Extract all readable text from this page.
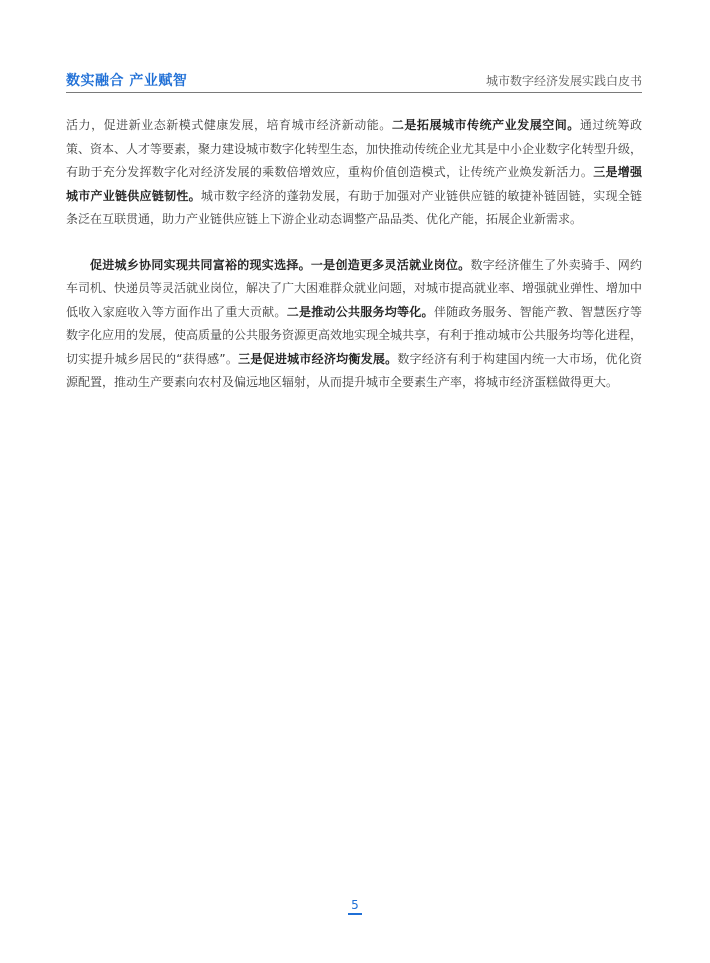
数实融合 产业赋智	城市数字经济发展实践白皮书

活力，促进新业态新模式健康发展，培育城市经济新动能。二是拓展城市传统产业发展空间。通过统筹政策、资本、人才等要素，聚力建设城市数字化转型生态，加快推动传统企业尤其是中小企业数字化转型升级，有助于充分发挥数字化对经济发展的乘数倍增效应，重构价值创造模式，让传统产业焕发新活力。三是增强城市产业链供应链韧性。城市数字经济的蓬勃发展，有助于加强对产业链供应链的敏捷补链固链，实现全链条泛在互联贯通，助力产业链供应链上下游企业动态调整产品品类、优化产能，拓展企业新需求。

促进城乡协同实现共同富裕的现实选择。一是创造更多灵活就业岗位。数字经济催生了外卖骑手、网约车司机、快递员等灵活就业岗位，解决了广大困难群众就业问题，对城市提高就业率、增强就业弹性、增加中低收入家庭收入等方面作出了重大贡献。二是推动公共服务均等化。伴随政务服务、智能产教、智慧医疗等数字化应用的发展，使高质量的公共服务资源更高效地实现全城共享，有利于推动城市公共服务均等化进程，切实提升城乡居民的“获得感”。三是促进城市经济均衡发展。数字经济有利于构建国内统一大市场，优化资源配置，推动生产要素向农村及偏远地区辐射，从而提升城市全要素生产率，将城市经济蛋糕做得更大。

5
